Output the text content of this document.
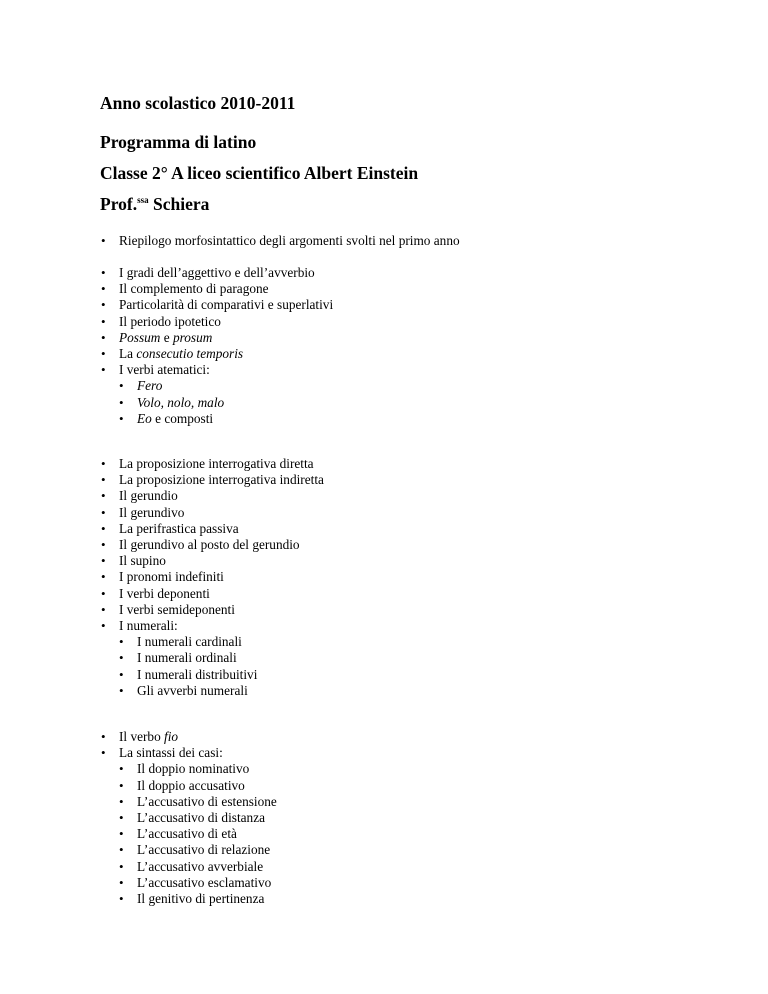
Anno scolastico 2010-2011
Programma di latino
Classe 2° A liceo scientifico Albert Einstein
Prof.$^{ssa}$ Schiera
• Riepilogo morfosintattico degli argomenti svolti nel primo anno
• I gradi dell’aggettivo e dell’avverbio
• Il complemento di paragone
• Particolarità di comparativi e superlativi
• Il periodo ipotetico
• Possum e prosum
• La consecutio temporis
• I verbi atematici:
• Fero
• Volo, nolo, malo
• Eo e composti
• La proposizione interrogativa diretta
• La proposizione interrogativa indiretta
• Il gerundio
• Il gerundivo
• La perifrastica passiva
• Il gerundivo al posto del gerundio
• Il supino
• I pronomi indefiniti
• I verbi deponenti
• I verbi semideponenti
• I numerali:
• I numerali cardinali
• I numerali ordinali
• I numerali distribuitivi
• Gli avverbi numerali
• Il verbo fio
• La sintassi dei casi:
• Il doppio nominativo
• Il doppio accusativo
• L’accusativo di estensione
• L’accusativo di distanza
• L’accusativo di età
• L’accusativo di relazione
• L’accusativo avverbiale
• L’accusativo esclamativo
• Il genitivo di pertinenza
